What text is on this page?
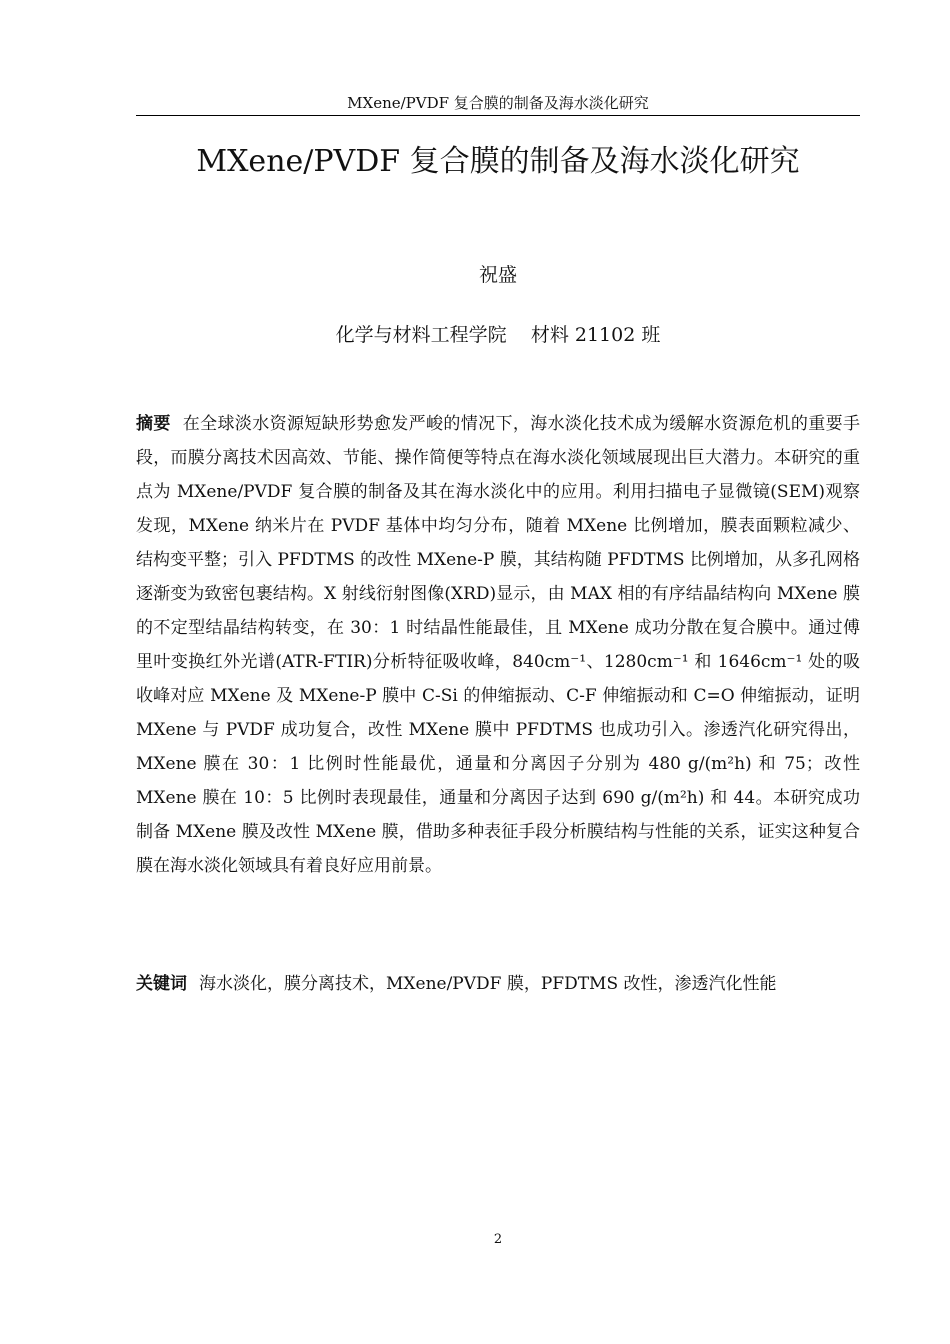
MXene/PVDF 复合膜的制备及海水淡化研究
MXene/PVDF 复合膜的制备及海水淡化研究
祝盛
化学与材料工程学院    材料 21102 班

摘要 在全球淡水资源短缺形势愈发严峻的情况下，海水淡化技术成为缓解水资源危机的重要手段，而膜分离技术因高效、节能、操作简便等特点在海水淡化领域展现出巨大潜力。本研究的重点为 MXene/PVDF 复合膜的制备及其在海水淡化中的应用。利用扫描电子显微镜(SEM)观察发现，MXene 纳米片在 PVDF 基体中均匀分布，随着 MXene 比例增加，膜表面颗粒减少、结构变平整；引入 PFDTMS 的改性 MXene-P 膜，其结构随 PFDTMS 比例增加，从多孔网格逐渐变为致密包裹结构。X 射线衍射图像(XRD)显示，由 MAX 相的有序结晶结构向 MXene 膜的不定型结晶结构转变，在 30：1 时结晶性能最佳，且 MXene 成功分散在复合膜中。通过傅里叶变换红外光谱(ATR-FTIR)分析特征吸收峰，840cm⁻¹、1280cm⁻¹ 和 1646cm⁻¹ 处的吸收峰对应 MXene 及 MXene-P 膜中 C-Si 的伸缩振动、C-F 伸缩振动和 C=O 伸缩振动，证明 MXene 与 PVDF 成功复合，改性 MXene 膜中 PFDTMS 也成功引入。渗透汽化研究得出，MXene 膜在 30：1 比例时性能最优，通量和分离因子分别为 480 g/(m²h) 和 75；改性 MXene 膜在 10：5 比例时表现最佳，通量和分离因子达到 690 g/(m²h) 和 44。本研究成功制备 MXene 膜及改性 MXene 膜，借助多种表征手段分析膜结构与性能的关系，证实这种复合膜在海水淡化领域具有着良好应用前景。

关键词 海水淡化，膜分离技术，MXene/PVDF 膜，PFDTMS 改性，渗透汽化性能

2
